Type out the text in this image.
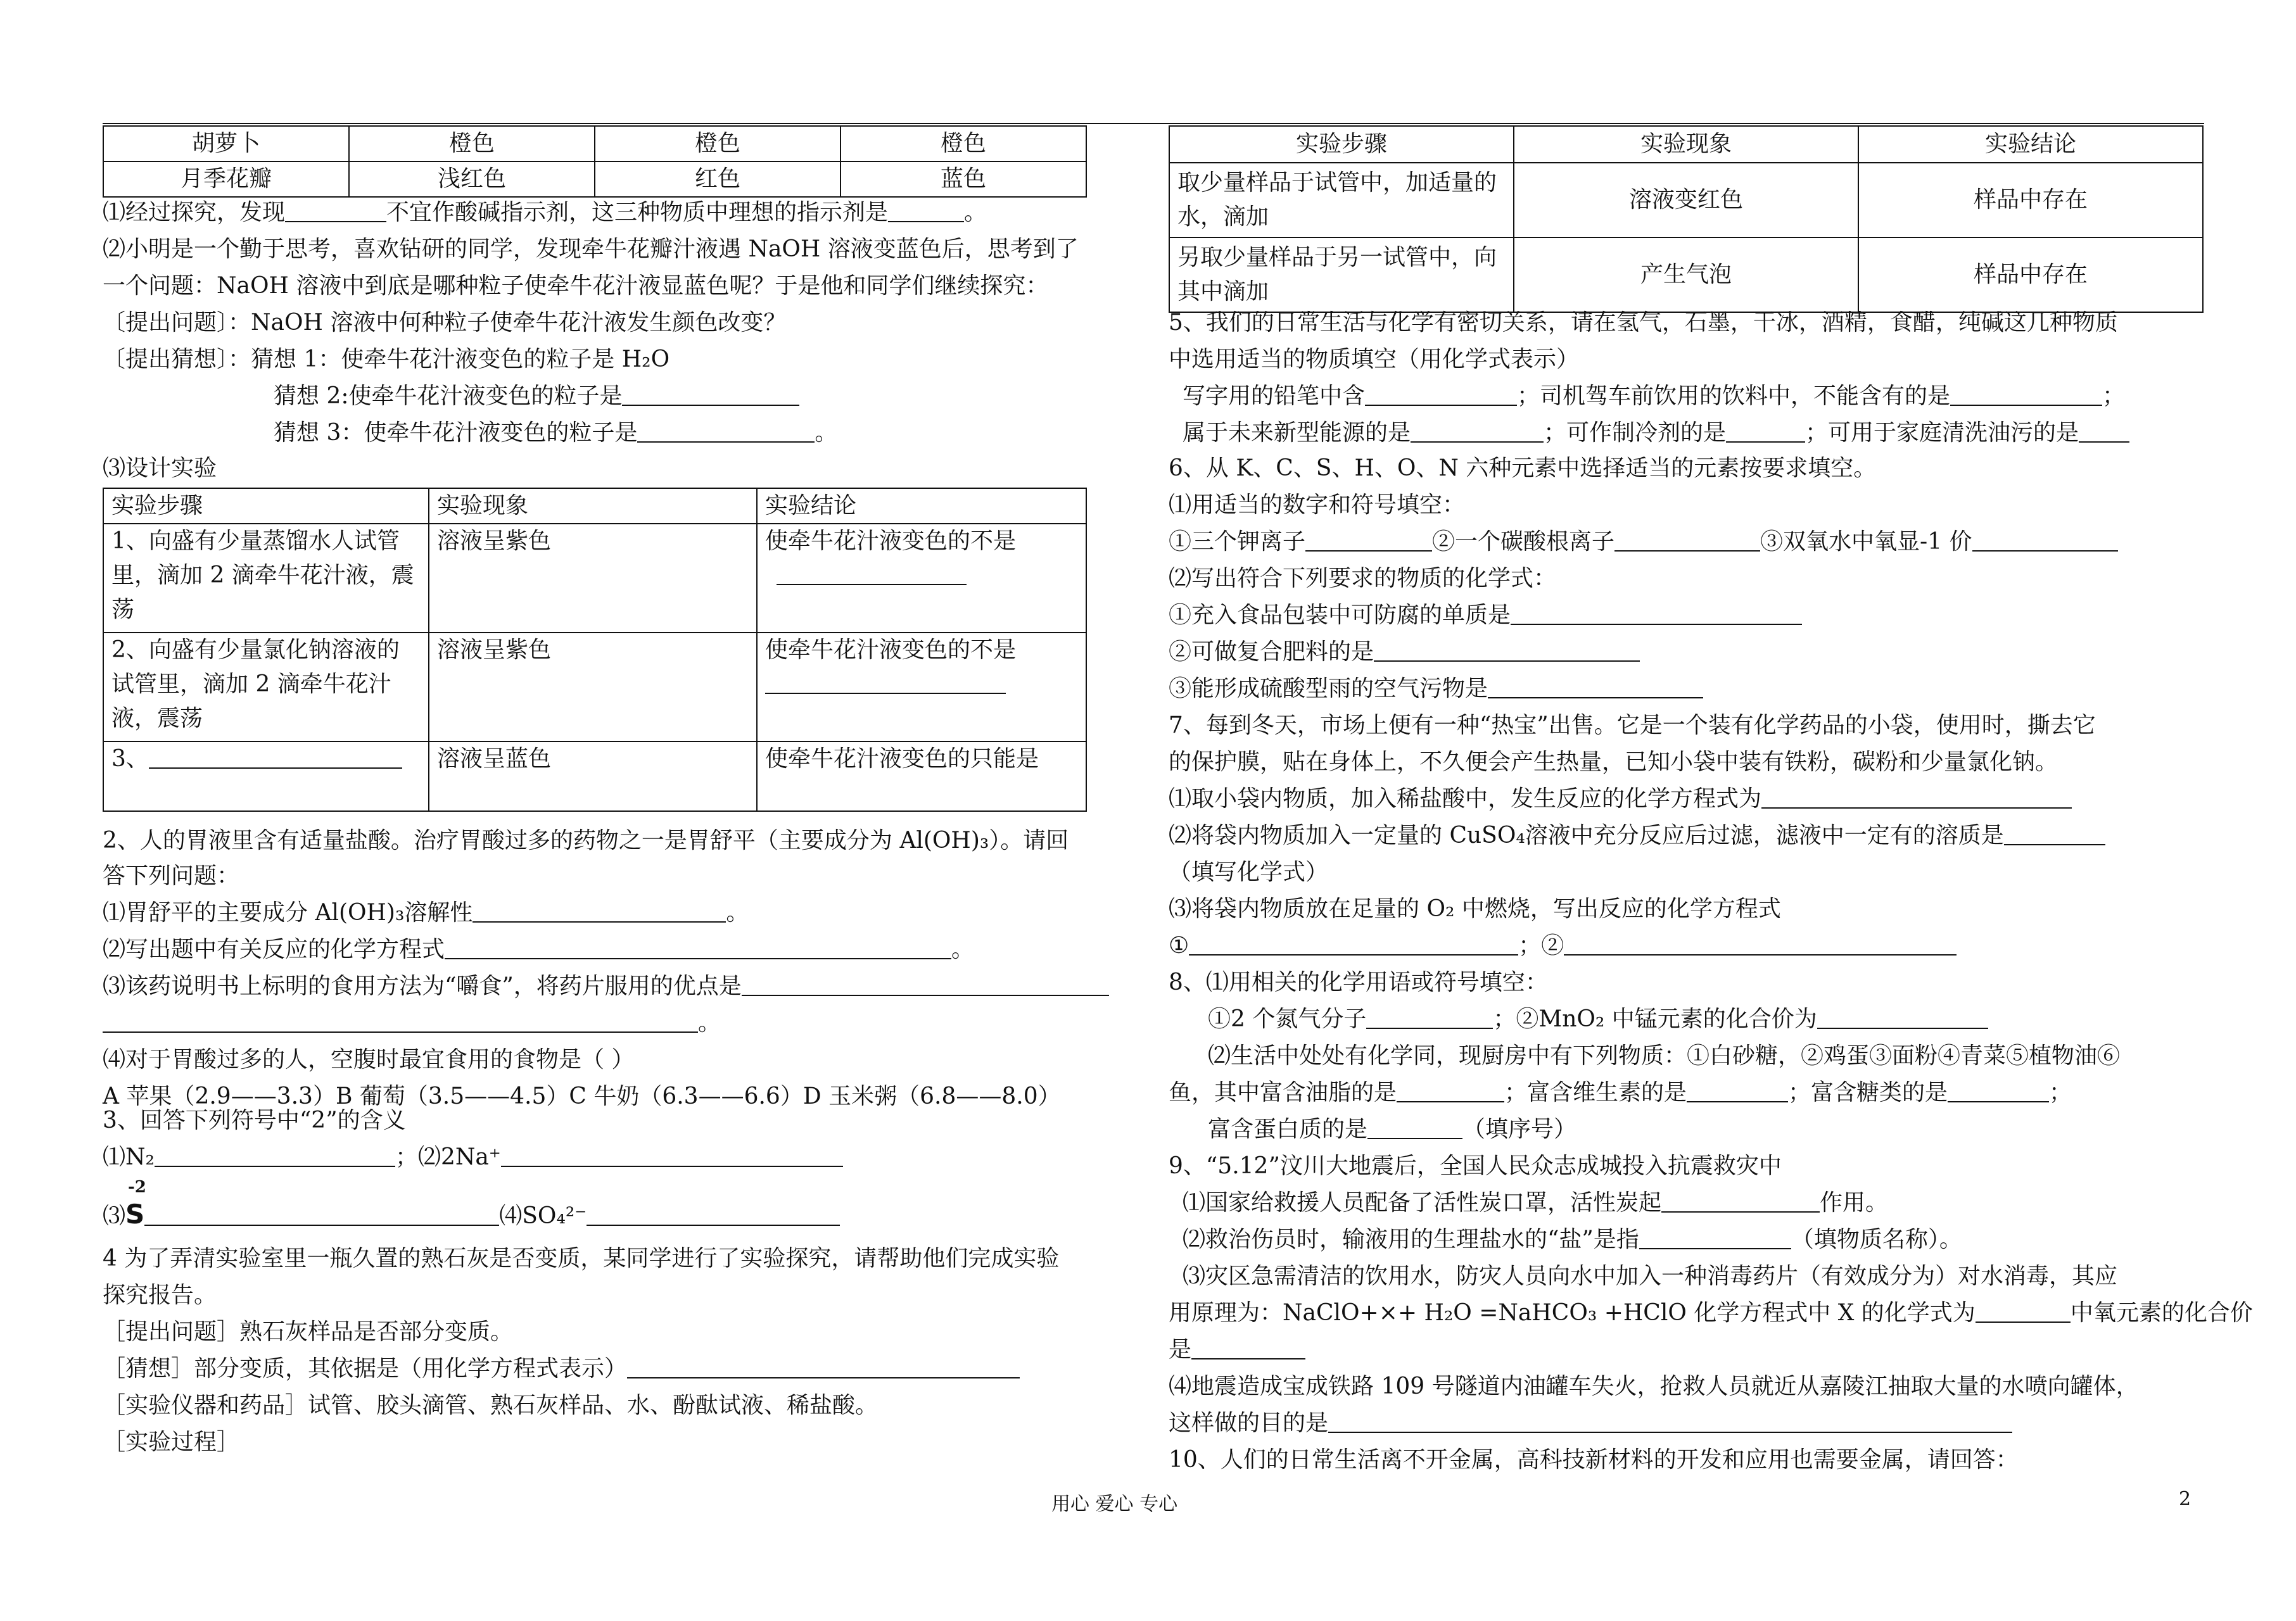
胡萝卜	橙色	橙色	橙色
月季花瓣	浅红色	红色	蓝色
⑴经过探究，发现	不宜作酸碱指示剂，这三种物质中理想的指示剂是	。
⑵小明是一个勤于思考，喜欢钻研的同学，发现牵牛花瓣汁液遇 NaOH 溶液变蓝色后，思考到了
一个问题：NaOH 溶液中到底是哪种粒子使牵牛花汁液显蓝色呢？于是他和同学们继续探究：
〔提出问题〕：NaOH 溶液中何种粒子使牵牛花汁液发生颜色改变？
〔提出猜想〕：猜想 1：使牵牛花汁液变色的粒子是 H₂O
猜想 2:使牵牛花汁液变色的粒子是
猜想 3：使牵牛花汁液变色的粒子是	。
⑶设计实验
实验步骤	实验现象	实验结论
1、向盛有少量蒸馏水人试管里，滴加 2 滴牵牛花汁液，震荡	溶液呈紫色	使牵牛花汁液变色的不是

2、向盛有少量氯化钠溶液的试管里，滴加 2 滴牵牛花汁液，震荡	溶液呈紫色	使牵牛花汁液变色的不是

3、	溶液呈蓝色	使牵牛花汁液变色的只能是
2、人的胃液里含有适量盐酸。治疗胃酸过多的药物之一是胃舒平（主要成分为 Al(OH)₃）。请回
答下列问题：
⑴胃舒平的主要成分 Al(OH)₃溶解性	。
⑵写出题中有关反应的化学方程式	。
⑶该药说明书上标明的食用方法为“嚼食”，将药片服用的优点是
。
⑷对于胃酸过多的人，空腹时最宜食用的食物是（ ）
A 苹果（2.9——3.3）B 葡萄（3.5——4.5）C 牛奶（6.3——6.6）D 玉米粥（6.8——8.0）
3、回答下列符号中“2”的含义
⑴N₂	；⑵2Na⁺
-2
⑶S	⑷SO₄²⁻
4 为了弄清实验室里一瓶久置的熟石灰是否变质，某同学进行了实验探究，请帮助他们完成实验
探究报告。
［提出问题］熟石灰样品是否部分变质。
［猜想］部分变质，其依据是（用化学方程式表示）
［实验仪器和药品］试管、胶头滴管、熟石灰样品、水、酚酞试液、稀盐酸。
［实验过程］
实验步骤	实验现象	实验结论
取少量样品于试管中，加适量的水，滴加	溶液变红色	样品中存在
另取少量样品于另一试管中，向其中滴加	产生气泡	样品中存在
5、我们的日常生活与化学有密切关系，请在氢气，石墨，干冰，酒精，食醋，纯碱这几种物质
中选用适当的物质填空（用化学式表示）
写字用的铅笔中含	；司机驾车前饮用的饮料中，不能含有的是	；
属于未来新型能源的是	；可作制冷剂的是	；可用于家庭清洗油污的是
6、从 K、C、S、H、O、N 六种元素中选择适当的元素按要求填空。
⑴用适当的数字和符号填空：
①三个钾离子	②一个碳酸根离子	③双氧水中氧显-1 价
⑵写出符合下列要求的物质的化学式：
①充入食品包装中可防腐的单质是
②可做复合肥料的是
③能形成硫酸型雨的空气污物是
7、每到冬天，市场上便有一种“热宝”出售。它是一个装有化学药品的小袋，使用时，撕去它
的保护膜，贴在身体上，不久便会产生热量，已知小袋中装有铁粉，碳粉和少量氯化钠。
⑴取小袋内物质，加入稀盐酸中，发生反应的化学方程式为
⑵将袋内物质加入一定量的 CuSO₄溶液中充分反应后过滤，滤液中一定有的溶质是
（填写化学式）
⑶将袋内物质放在足量的 O₂ 中燃烧，写出反应的化学方程式
①	；②
8、⑴用相关的化学用语或符号填空：
①2 个氮气分子	；②MnO₂ 中锰元素的化合价为
⑵生活中处处有化学同，现厨房中有下列物质：①白砂糖，②鸡蛋③面粉④青菜⑤植物油⑥
鱼，其中富含油脂的是	；富含维生素的是	；富含糖类的是	；
富含蛋白质的是	（填序号）
9、“5.12”汶川大地震后，全国人民众志成城投入抗震救灾中
⑴国家给救援人员配备了活性炭口罩，活性炭起	作用。
⑵救治伤员时，输液用的生理盐水的“盐”是指	（填物质名称）。
⑶灾区急需清洁的饮用水，防灾人员向水中加入一种消毒药片（有效成分为）对水消毒，其应
用原理为：NaClO+×+ H₂O =NaHCO₃ +HClO 化学方程式中 X 的化学式为	中氧元素的化合价
是
⑷地震造成宝成铁路 109 号隧道内油罐车失火，抢救人员就近从嘉陵江抽取大量的水喷向罐体，
这样做的目的是
10、人们的日常生活离不开金属，高科技新材料的开发和应用也需要金属，请回答：
用心 爱心 专心	2
